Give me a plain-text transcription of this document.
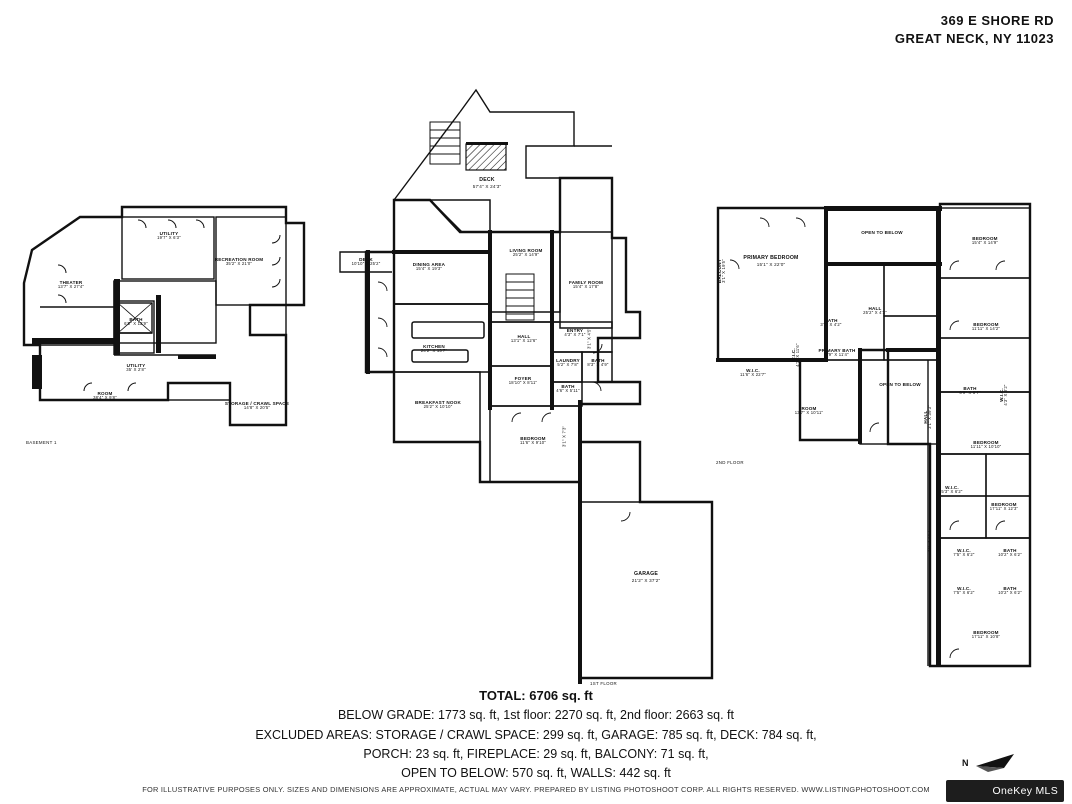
369 E SHORE RD
GREAT NECK, NY 11023
THEATER
13'7" X 27'4"
UTILITY
19'7" X 6'3"
RECREATION ROOM
35'2" X 21'0"
BATH
6'5" X 12'9"
UTILITY
35' X 2'8"
ROOM
38'4" X 9'8"
STORAGE / CRAWL SPACE
14'8" X 20'5"
BASEMENT 1
DECK
57'4" X 24'3"
DECK
10'10" X 25'2"	DINING AREA
15'4" X 19'3"
LIVING ROOM
25'2" X 14'9"
FAMILY ROOM
15'4" X 17'8"
KITCHEN
24'2" X 15'7"
HALL
13'1" X 12'6"
ENTRY
4'3" X 7'1"
FOYER
18'10" X 8'11"
LAUNDRY
5'2" X 7'8"
BATH
8'3" X 4'9"
BATH
4'6" X 5'11"
BREAKFAST NOOK
25'2" X 10'10"
BEDROOM
11'6" X 9'10"
GARAGE
21'2" X 37'2"
3'1" X 7'3"
3'1" X 4'5"
1ST FLOOR
PRIMARY BEDROOM
15'1" X 22'0"
OPEN TO BELOW
BEDROOM
15'4" X 14'9"
BALCONY 3'1" X 19'5"
HALL
25'2" X 4'3"
BATH
3'3" X 4'2"	BEDROOM
11'11" X 14'2"
W.I.C.
11'6" X 22'7"
PRIMARY BATH
8'9" X 11'4"
W.I.C. 4'3" X 11'6"
OPEN TO BELOW
BATH
6'9" X 8'7"	W.I.C. 4'3" X 8'2"
ROOM
13'7" X 10'11"	HALL 3'1" X 39'3"
BEDROOM
11'11" X 10'10"
W.I.C.
5'3" X 6'2"
BEDROOM
17'11" X 12'3"
W.I.C.
7'5" X 6'2"
BATH
10'2" X 6'2"
W.I.C.
7'5" X 6'2"
BATH
10'2" X 6'2"
3'9" X 44'7"
BEDROOM
17'11" X 10'8"
2ND FLOOR
TOTAL: 6706 sq. ft
BELOW GRADE: 1773 sq. ft, 1st floor: 2270 sq. ft, 2nd floor: 2663 sq. ft
EXCLUDED AREAS: STORAGE / CRAWL SPACE: 299 sq. ft, GARAGE: 785 sq. ft, DECK: 784 sq. ft,
PORCH: 23 sq. ft, FIREPLACE: 29 sq. ft, BALCONY: 71 sq. ft,
OPEN TO BELOW: 570 sq. ft, WALLS: 442 sq. ft
N
FOR ILLUSTRATIVE PURPOSES ONLY. SIZES AND DIMENSIONS ARE APPROXIMATE, ACTUAL MAY VARY. PREPARED BY LISTING PHOTOSHOOT CORP. ALL RIGHTS RESERVED. WWW.LISTINGPHOTOSHOOT.COM	OneKey MLS
